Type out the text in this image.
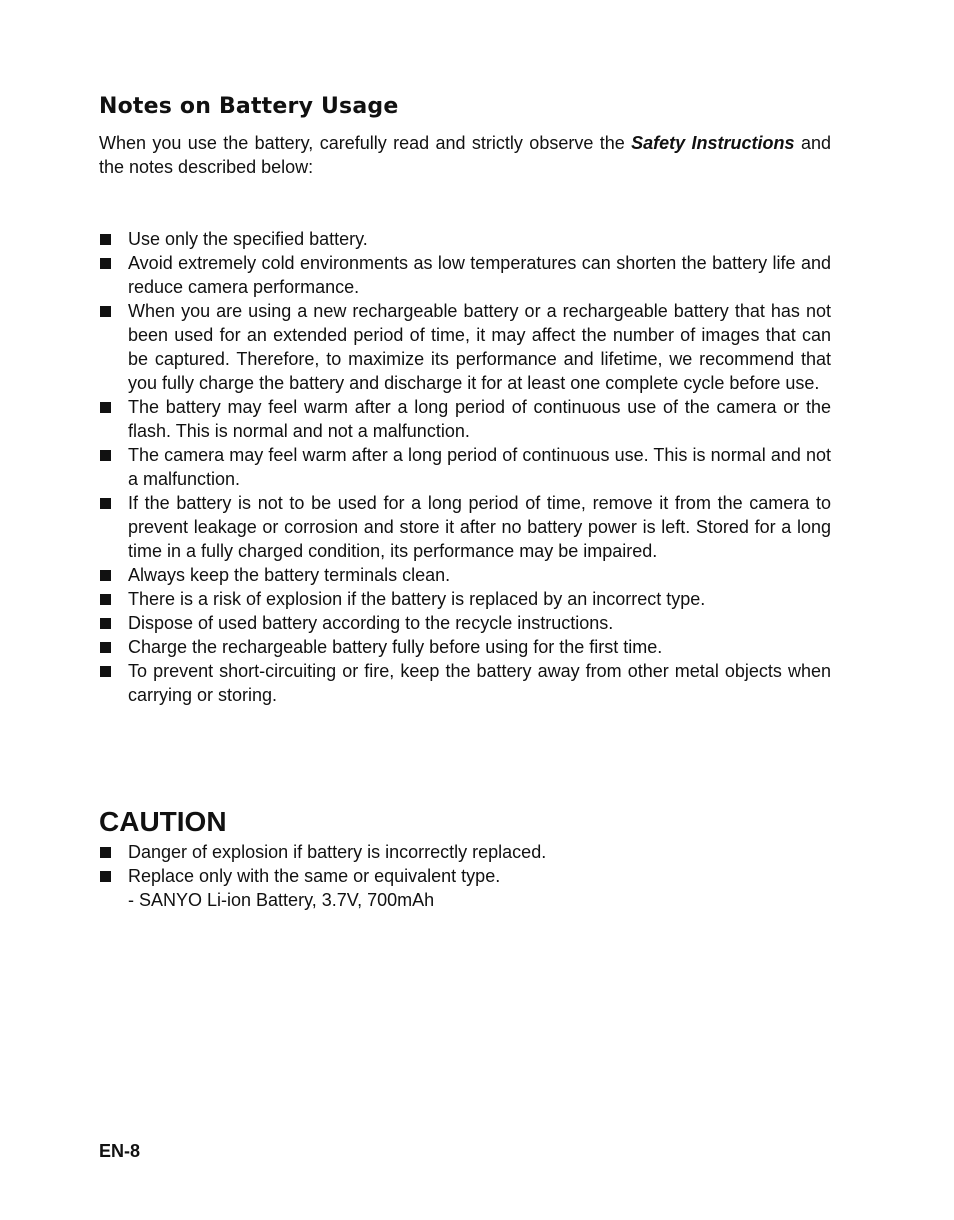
Notes on Battery Usage

When you use the battery, carefully read and strictly observe the Safety Instructions and the notes described below:

Use only the specified battery.
Avoid extremely cold environments as low temperatures can shorten the battery life and reduce camera performance.
When you are using a new rechargeable battery or a rechargeable battery that has not been used for an extended period of time, it may affect the number of images that can be captured. Therefore, to maximize its performance and lifetime, we recommend that you fully charge the battery and discharge it for at least one complete cycle before use.
The battery may feel warm after a long period of continuous use of the camera or the flash. This is normal and not a malfunction.
The camera may feel warm after a long period of continuous use. This is normal and not a malfunction.
If the battery is not to be used for a long period of time, remove it from the camera to prevent leakage or corrosion and store it after no battery power is left. Stored for a long time in a fully charged condition, its performance may be impaired.
Always keep the battery terminals clean.
There is a risk of explosion if the battery is replaced by an incorrect type.
Dispose of used battery according to the recycle instructions.
Charge the rechargeable battery fully before using for the first time.
To prevent short-circuiting or fire, keep the battery away from other metal objects when carrying or storing.
CAUTION
Danger of explosion if battery is incorrectly replaced.
Replace only with the same or equivalent type.
- SANYO Li-ion Battery, 3.7V, 700mAh
EN-8
